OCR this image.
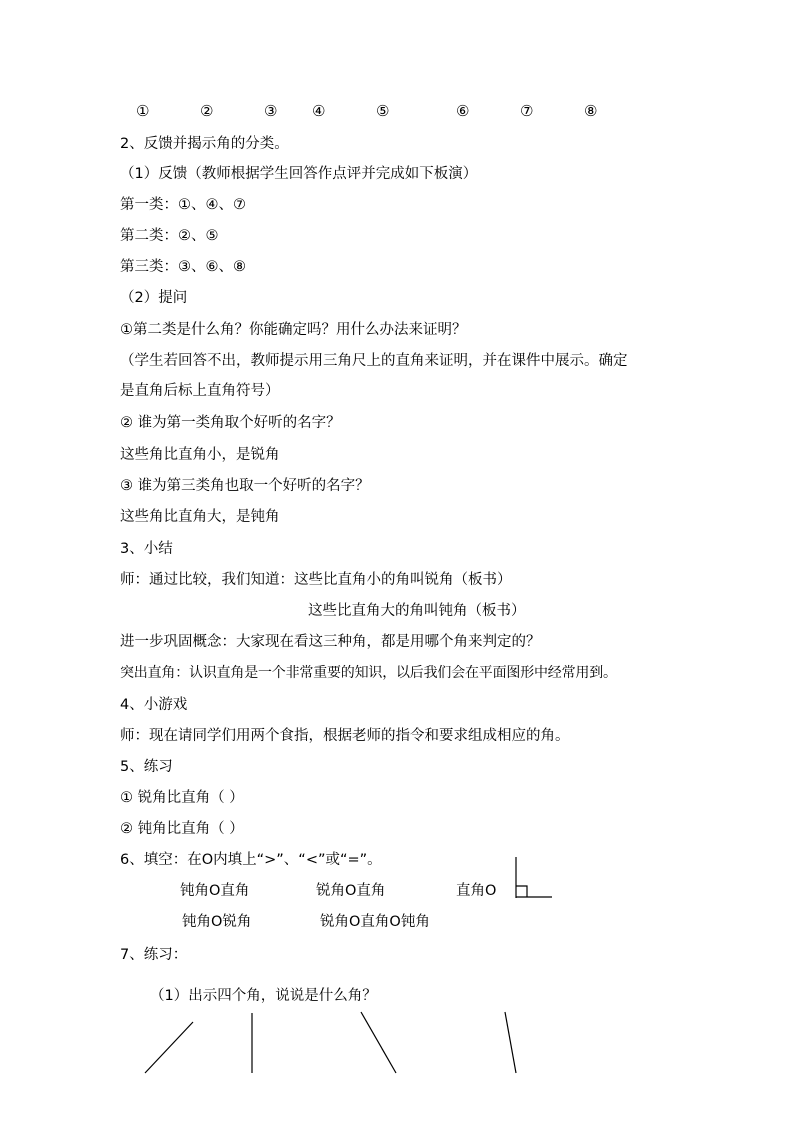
①	②	③ ④	⑤	⑥	⑦	⑧
2、反馈并揭示角的分类。
（1）反馈（教师根据学生回答作点评并完成如下板演）
第一类：①、④、⑦
第二类：②、⑤
第三类：③、⑥、⑧
（2）提问
①第二类是什么角？你能确定吗？用什么办法来证明？
（学生若回答不出，教师提示用三角尺上的直角来证明，并在课件中展示。确定
是直角后标上直角符号）
② 谁为第一类角取个好听的名字？
这些角比直角小，是锐角
③ 谁为第三类角也取一个好听的名字？
这些角比直角大，是钝角
3、小结
师：通过比较，我们知道：这些比直角小的角叫锐角（板书）
这些比直角大的角叫钝角（板书）
进一步巩固概念：大家现在看这三种角，都是用哪个角来判定的？
突出直角：认识直角是一个非常重要的知识，以后我们会在平面图形中经常用到。
4、小游戏
师：现在请同学们用两个食指，根据老师的指令和要求组成相应的角。
5、练习
① 锐角比直角（ ）
② 钝角比直角（ ）
6、填空：在O内填上“>”、“<”或“=”。
钝角O直角	锐角O直角	直角O
钝角O锐角	锐角O直角O钝角
7、练习：
（1）出示四个角，说说是什么角？
